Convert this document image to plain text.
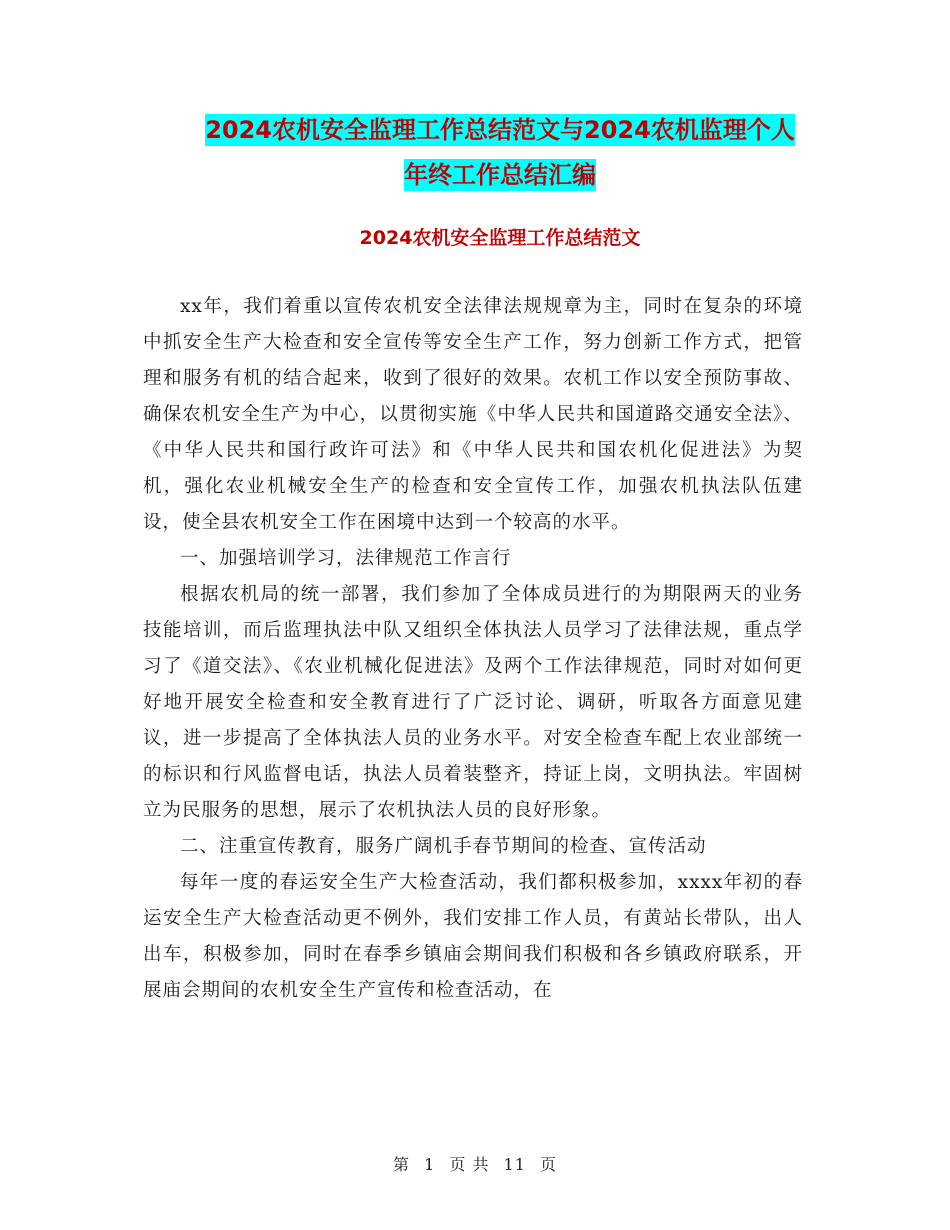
2024农机安全监理工作总结范文与2024农机监理个人
年终工作总结汇编
2024农机安全监理工作总结范文

xx年，我们着重以宣传农机安全法律法规规章为主，同时在复杂的环境中抓安全生产大检查和安全宣传等安全生产工作，努力创新工作方式，把管理和服务有机的结合起来，收到了很好的效果。农机工作以安全预防事故、确保农机安全生产为中心，以贯彻实施《中华人民共和国道路交通安全法》、《中华人民共和国行政许可法》和《中华人民共和国农机化促进法》为契机，强化农业机械安全生产的检查和安全宣传工作，加强农机执法队伍建设，使全县农机安全工作在困境中达到一个较高的水平。

一、加强培训学习，法律规范工作言行

根据农机局的统一部署，我们参加了全体成员进行的为期限两天的业务技能培训，而后监理执法中队又组织全体执法人员学习了法律法规，重点学习了《道交法》、《农业机械化促进法》及两个工作法律规范，同时对如何更好地开展安全检查和安全教育进行了广泛讨论、调研，听取各方面意见建议，进一步提高了全体执法人员的业务水平。对安全检查车配上农业部统一的标识和行风监督电话，执法人员着装整齐，持证上岗，文明执法。牢固树立为民服务的思想，展示了农机执法人员的良好形象。

二、注重宣传教育，服务广阔机手春节期间的检查、宣传活动

每年一度的春运安全生产大检查活动，我们都积极参加，xxxx年初的春运安全生产大检查活动更不例外，我们安排工作人员，有黄站长带队，出人出车，积极参加，同时在春季乡镇庙会期间我们积极和各乡镇政府联系，开展庙会期间的农机安全生产宣传和检查活动，在

第 1 页 共 11 页
